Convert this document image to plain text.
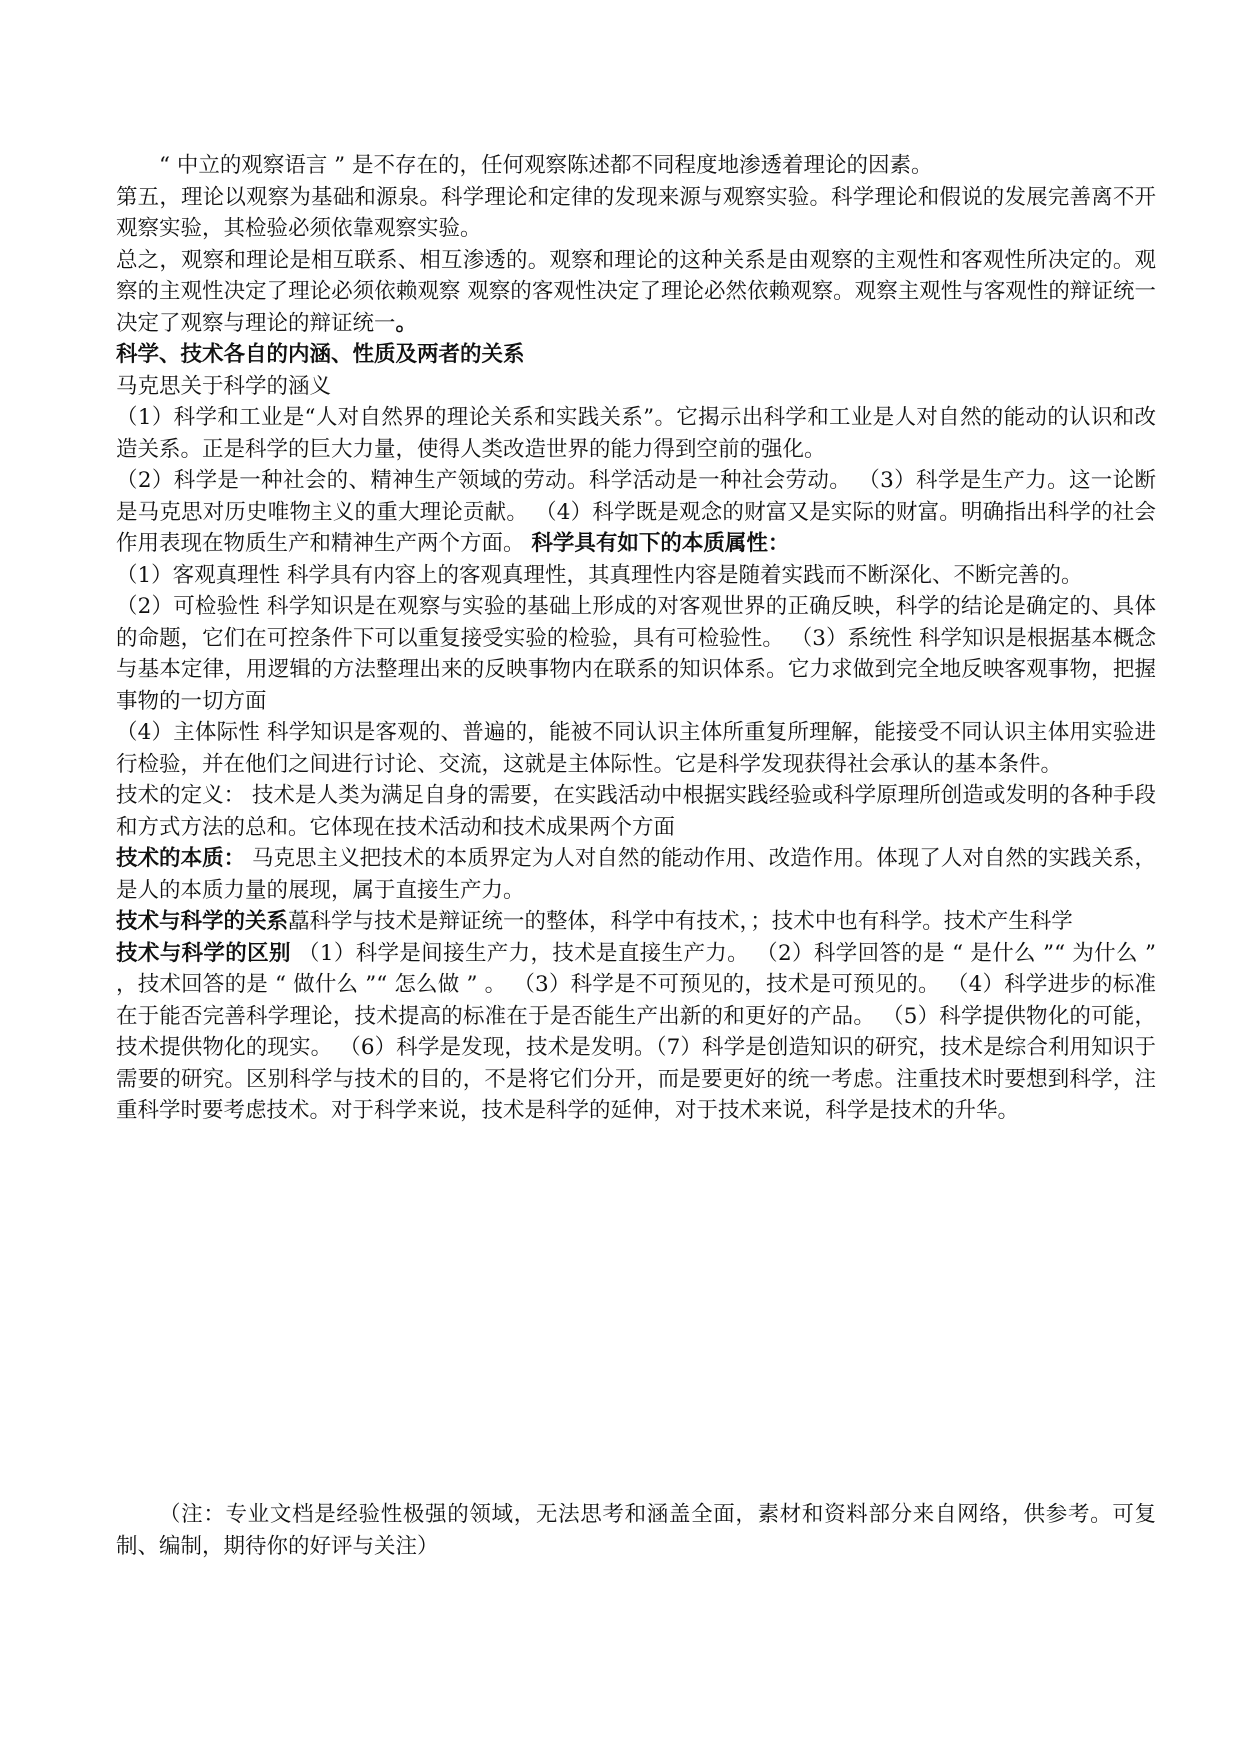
“ 中立的观察语言 ” 是不存在的，任何观察陈述都不同程度地渗透着理论的因素。

第五，理论以观察为基础和源泉。科学理论和定律的发现来源与观察实验。科学理论和假说的发展完善离不开观察实验，其检验必须依靠观察实验。

总之，观察和理论是相互联系、相互渗透的。观察和理论的这种关系是由观察的主观性和客观性所决定的。观察的主观性决定了理论必须依赖观察 观察的客观性决定了理论必然依赖观察。观察主观性与客观性的辩证统一决定了观察与理论的辩证统一。

科学、技术各自的内涵、性质及两者的关系

马克思关于科学的涵义

（1）科学和工业是“人对自然界的理论关系和实践关系”。它揭示出科学和工业是人对自然的能动的认识和改造关系。正是科学的巨大力量，使得人类改造世界的能力得到空前的强化。

（2）科学是一种社会的、精神生产领域的劳动。科学活动是一种社会劳动。 （3）科学是生产力。这一论断是马克思对历史唯物主义的重大理论贡献。 （4）科学既是观念的财富又是实际的财富。明确指出科学的社会作用表现在物质生产和精神生产两个方面。 科学具有如下的本质属性：

（1）客观真理性 科学具有内容上的客观真理性，其真理性内容是随着实践而不断深化、不断完善的。

（2）可检验性 科学知识是在观察与实验的基础上形成的对客观世界的正确反映，科学的结论是确定的、具体的命题，它们在可控条件下可以重复接受实验的检验，具有可检验性。 （3）系统性 科学知识是根据基本概念与基本定律，用逻辑的方法整理出来的反映事物内在联系的知识体系。它力求做到完全地反映客观事物，把握事物的一切方面

（4）主体际性 科学知识是客观的、普遍的，能被不同认识主体所重复所理解，能接受不同认识主体用实验进行检验，并在他们之间进行讨论、交流，这就是主体际性。它是科学发现获得社会承认的基本条件。

技术的定义： 技术是人类为满足自身的需要，在实践活动中根据实践经验或科学原理所创造或发明的各种手段和方式方法的总和。它体现在技术活动和技术成果两个方面

技术的本质： 马克思主义把技术的本质界定为人对自然的能动作用、改造作用。体现了人对自然的实践关系，是人的本质力量的展现，属于直接生产力。

技术与科学的关系藠科学与技术是辩证统一的整体，科学中有技术，；技术中也有科学。技术产生科学

技术与科学的区别 （1）科学是间接生产力，技术是直接生产力。 （2）科学回答的是 “ 是什么 ”“ 为什么 ” ，技术回答的是 “ 做什么 ”“ 怎么做 ” 。 （3）科学是不可预见的，技术是可预见的。 （4）科学进步的标准在于能否完善科学理论，技术提高的标准在于是否能生产出新的和更好的产品。 （5）科学提供物化的可能，技术提供物化的现实。 （6）科学是发现，技术是发明。（7）科学是创造知识的研究，技术是综合利用知识于需要的研究。区别科学与技术的目的，不是将它们分开，而是要更好的统一考虑。注重技术时要想到科学，注重科学时要考虑技术。对于科学来说，技术是科学的延伸，对于技术来说，科学是技术的升华。

（注：专业文档是经验性极强的领域，无法思考和涵盖全面，素材和资料部分来自网络，供参考。可复制、编制，期待你的好评与关注）
